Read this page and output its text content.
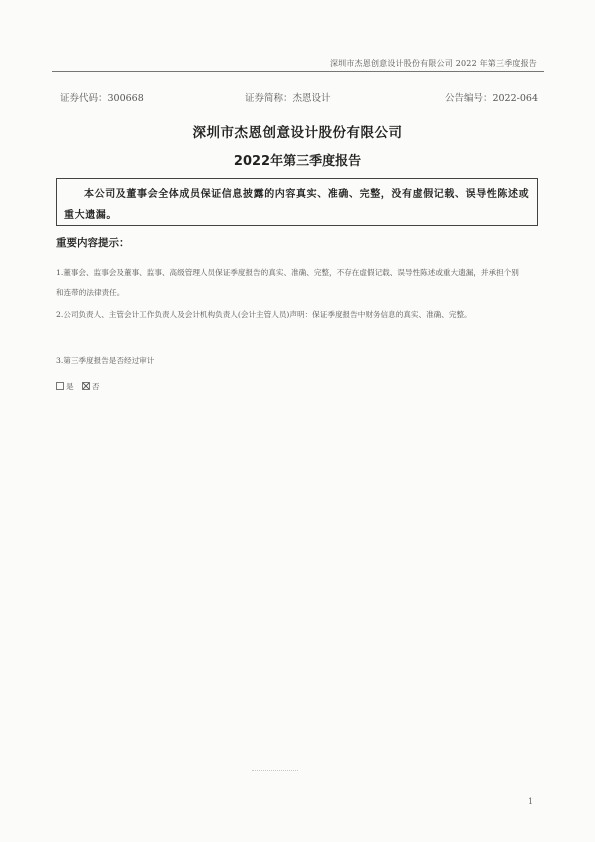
深圳市杰恩创意设计股份有限公司 2022 年第三季度报告
证券代码：300668	证券简称：杰恩设计	公告编号：2022-064
深圳市杰恩创意设计股份有限公司
2022年第三季度报告
本公司及董事会全体成员保证信息披露的内容真实、准确、完整，没有虚假记载、误导性陈述或重大遗漏。
重要内容提示：
1.董事会、监事会及董事、监事、高级管理人员保证季度报告的真实、准确、完整，不存在虚假记载、误导性陈述或重大遗漏，并承担个别和连带的法律责任。
2.公司负责人、主管会计工作负责人及会计机构负责人(会计主管人员)声明：保证季度报告中财务信息的真实、准确、完整。
3.第三季度报告是否经过审计
是 否
1
